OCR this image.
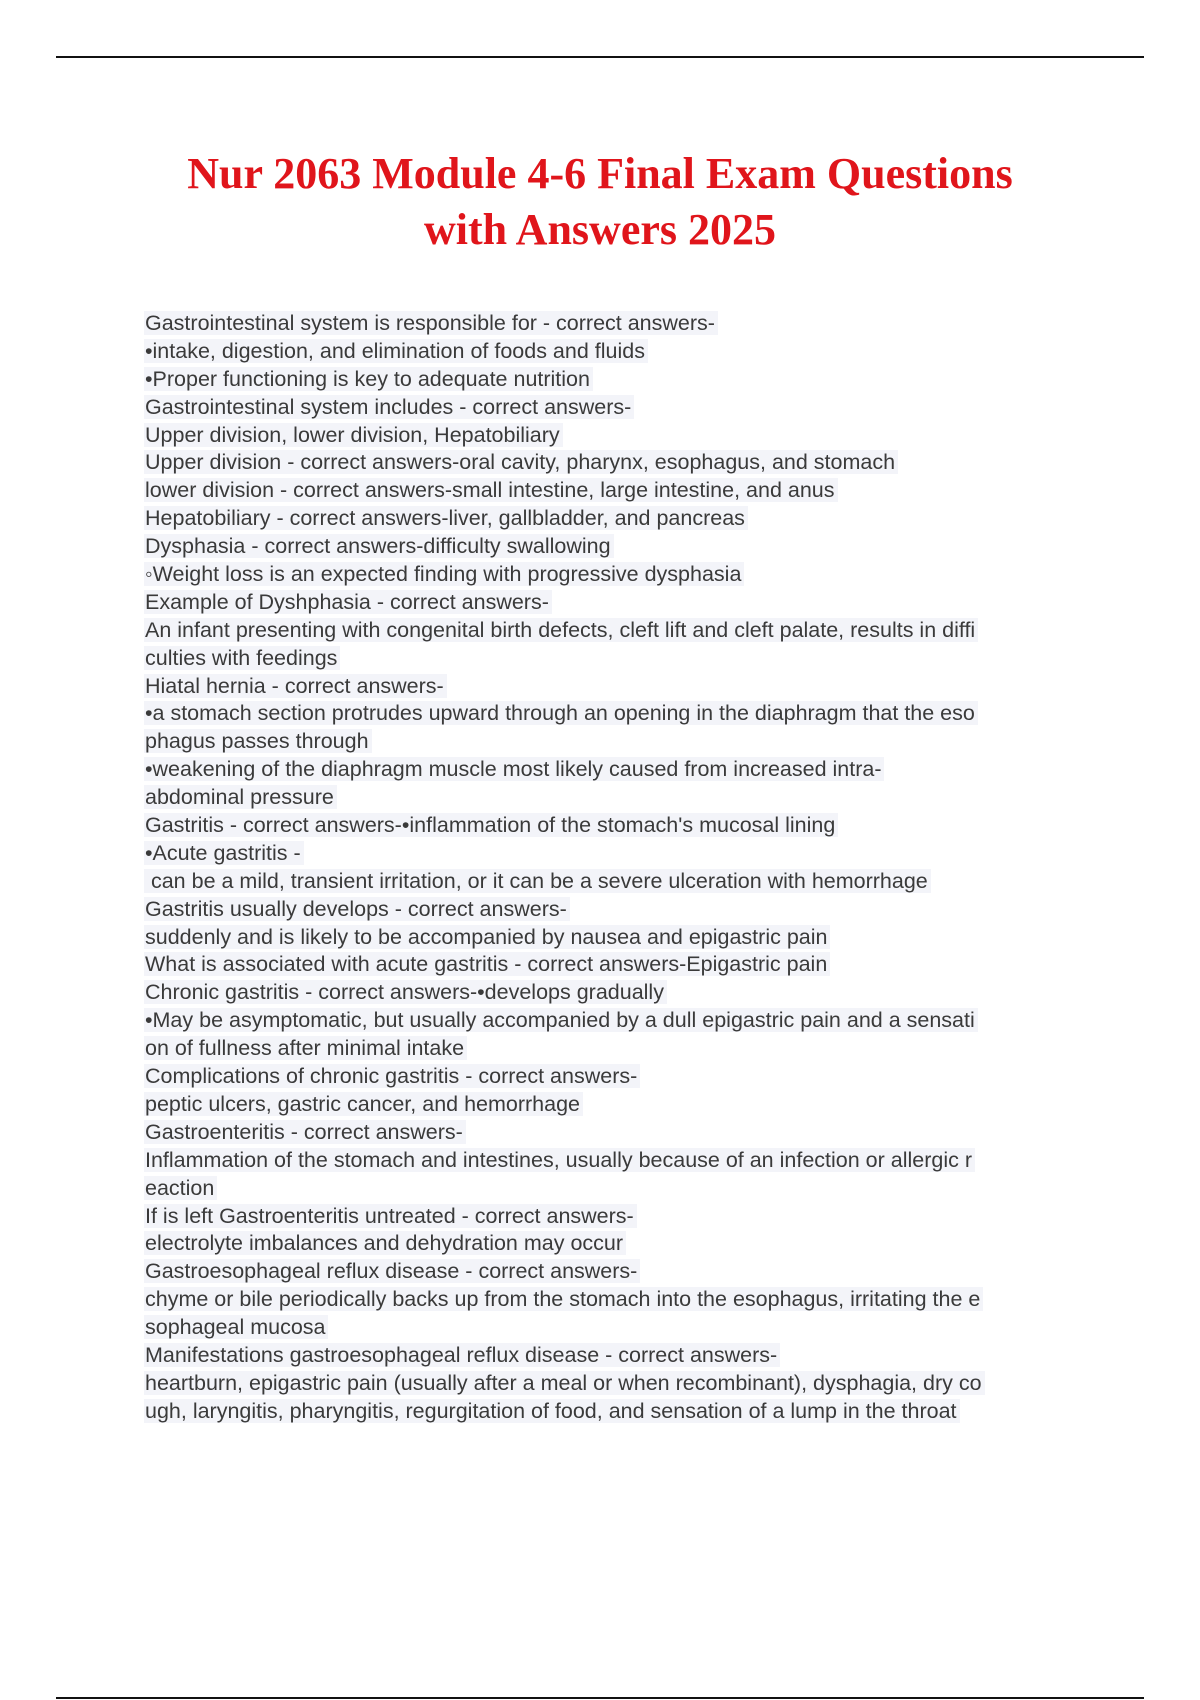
Nur 2063 Module 4-6 Final Exam Questions
with Answers 2025
Gastrointestinal system is responsible for - correct answers-
•intake, digestion, and elimination of foods and fluids
•Proper functioning is key to adequate nutrition
Gastrointestinal system includes - correct answers-
Upper division, lower division, Hepatobiliary
Upper division - correct answers-oral cavity, pharynx, esophagus, and stomach
lower division - correct answers-small intestine, large intestine, and anus
Hepatobiliary - correct answers-liver, gallbladder, and pancreas
Dysphasia - correct answers-difficulty swallowing
◦Weight loss is an expected finding with progressive dysphasia
Example of Dyshphasia - correct answers-
An infant presenting with congenital birth defects, cleft lift and cleft palate, results in diffi
culties with feedings
Hiatal hernia - correct answers-
•a stomach section protrudes upward through an opening in the diaphragm that the eso
phagus passes through
•weakening of the diaphragm muscle most likely caused from increased intra-
abdominal pressure
Gastritis - correct answers-•inflammation of the stomach's mucosal lining
•Acute gastritis -
can be a mild, transient irritation, or it can be a severe ulceration with hemorrhage
Gastritis usually develops - correct answers-
suddenly and is likely to be accompanied by nausea and epigastric pain
What is associated with acute gastritis - correct answers-Epigastric pain
Chronic gastritis - correct answers-•develops gradually
•May be asymptomatic, but usually accompanied by a dull epigastric pain and a sensati
on of fullness after minimal intake
Complications of chronic gastritis - correct answers-
peptic ulcers, gastric cancer, and hemorrhage
Gastroenteritis - correct answers-
Inflammation of the stomach and intestines, usually because of an infection or allergic r
eaction
If is left Gastroenteritis untreated - correct answers-
electrolyte imbalances and dehydration may occur
Gastroesophageal reflux disease - correct answers-
chyme or bile periodically backs up from the stomach into the esophagus, irritating the e
sophageal mucosa
Manifestations gastroesophageal reflux disease - correct answers-
heartburn, epigastric pain (usually after a meal or when recombinant), dysphagia, dry co
ugh, laryngitis, pharyngitis, regurgitation of food, and sensation of a lump in the throat
